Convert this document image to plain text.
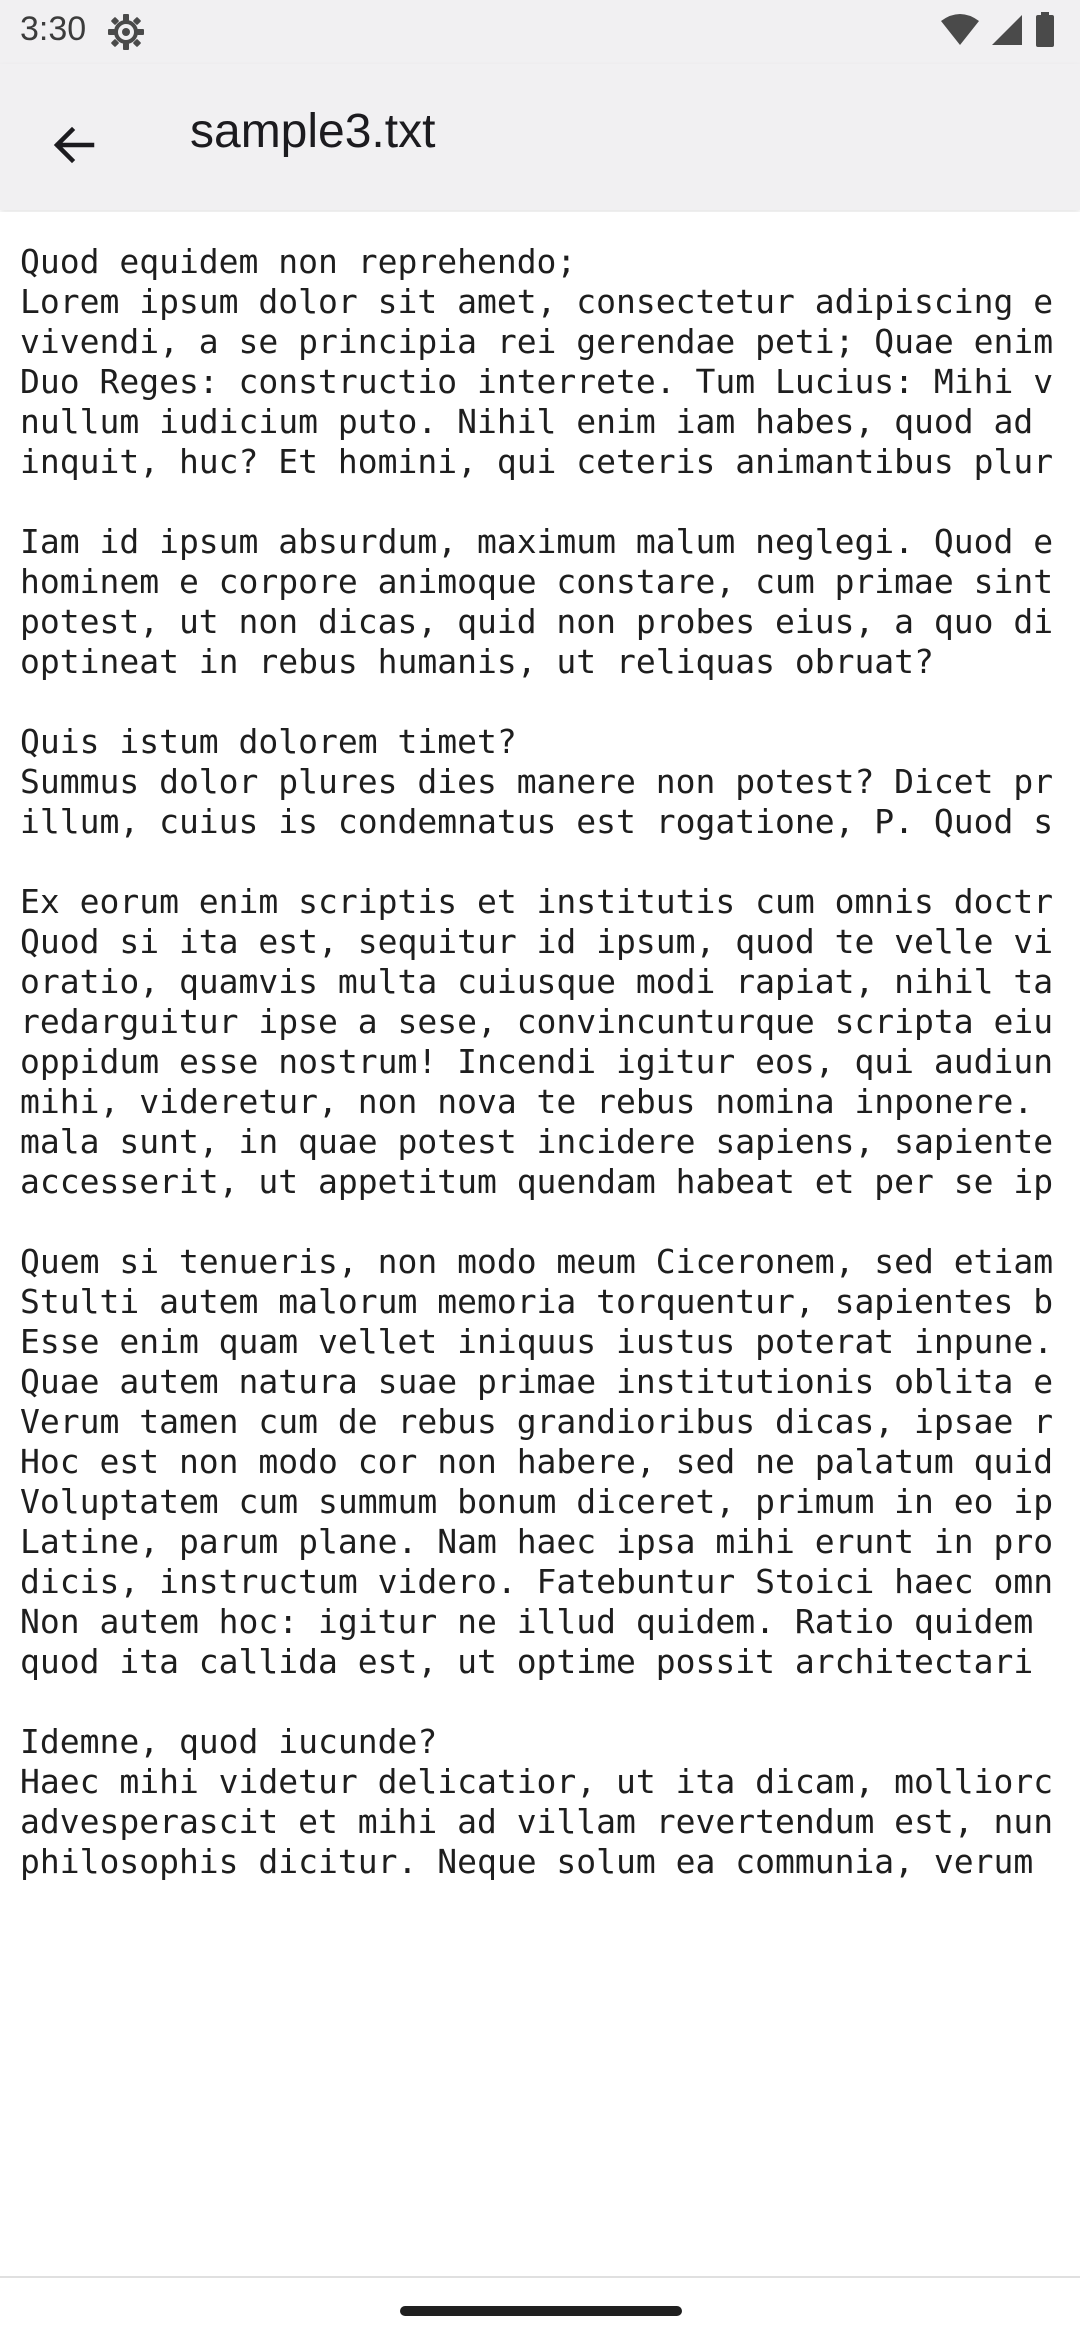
3:30
sample3.txt
Quod equidem non reprehendo;
Lorem ipsum dolor sit amet, consectetur adipiscing e
vivendi, a se principia rei gerendae peti; Quae enim
Duo Reges: constructio interrete. Tum Lucius: Mihi v
nullum iudicium puto. Nihil enim iam habes, quod ad
inquit, huc? Et homini, qui ceteris animantibus plur

Iam id ipsum absurdum, maximum malum neglegi. Quod e
hominem e corpore animoque constare, cum primae sint
potest, ut non dicas, quid non probes eius, a quo di
optineat in rebus humanis, ut reliquas obruat?

Quis istum dolorem timet?
Summus dolor plures dies manere non potest? Dicet pr
illum, cuius is condemnatus est rogatione, P. Quod s

Ex eorum enim scriptis et institutis cum omnis doctr
Quod si ita est, sequitur id ipsum, quod te velle vi
oratio, quamvis multa cuiusque modi rapiat, nihil ta
redarguitur ipse a sese, convincunturque scripta eiu
oppidum esse nostrum! Incendi igitur eos, qui audiun
mihi, videretur, non nova te rebus nomina inponere.
mala sunt, in quae potest incidere sapiens, sapiente
accesserit, ut appetitum quendam habeat et per se ip

Quem si tenueris, non modo meum Ciceronem, sed etiam
Stulti autem malorum memoria torquentur, sapientes b
Esse enim quam vellet iniquus iustus poterat inpune.
Quae autem natura suae primae institutionis oblita e
Verum tamen cum de rebus grandioribus dicas, ipsae r
Hoc est non modo cor non habere, sed ne palatum quid
Voluptatem cum summum bonum diceret, primum in eo ip
Latine, parum plane. Nam haec ipsa mihi erunt in pro
dicis, instructum videro. Fatebuntur Stoici haec omn
Non autem hoc: igitur ne illud quidem. Ratio quidem
quod ita callida est, ut optime possit architectari

Idemne, quod iucunde?
Haec mihi videtur delicatior, ut ita dicam, molliorc
advesperascit et mihi ad villam revertendum est, nun
philosophis dicitur. Neque solum ea communia, verum
